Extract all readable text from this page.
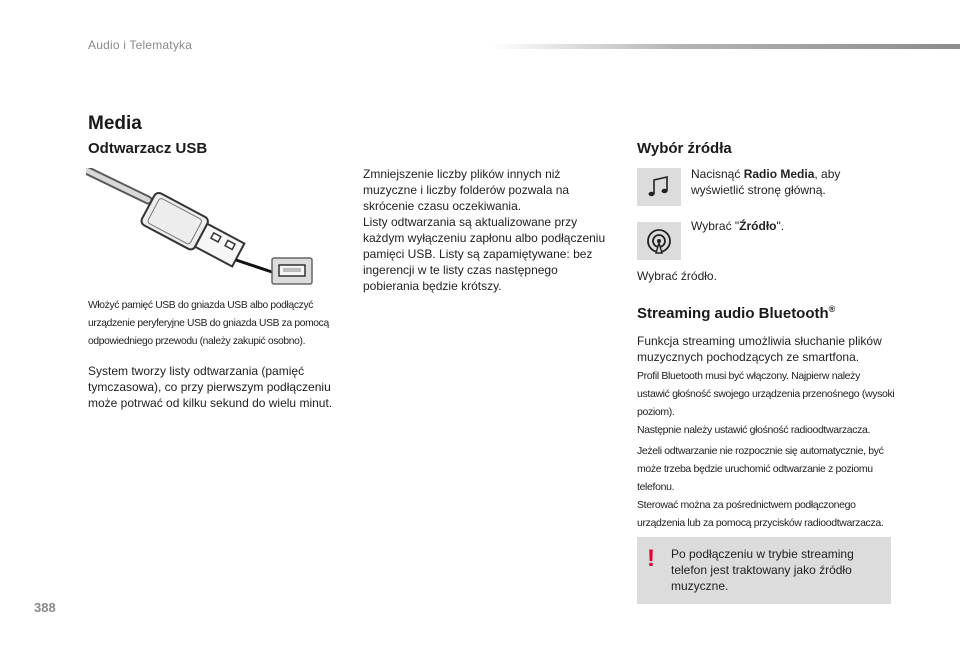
Audio i Telematyka
388
Media
Odtwarzacz USB
Włożyć pamięć USB do gniazda USB albo podłączyć urządzenie peryferyjne USB do gniazda USB za pomocą odpowiedniego przewodu (należy zakupić osobno).
System tworzy listy odtwarzania (pamięć tymczasowa), co przy pierwszym podłączeniu może potrwać od kilku sekund do wielu minut.
Zmniejszenie liczby plików innych niż muzyczne i liczby folderów pozwala na skrócenie czasu oczekiwania.
Listy odtwarzania są aktualizowane przy każdym wyłączeniu zapłonu albo podłączeniu pamięci USB. Listy są zapamiętywane: bez ingerencji w te listy czas następnego pobierania będzie krótszy.
Wybór źródła
Nacisnąć Radio Media, aby wyświetlić stronę główną.
Wybrać "Źródło".
Wybrać źródło.
Streaming audio Bluetooth®
Funkcja streaming umożliwia słuchanie plików muzycznych pochodzących ze smartfona.
Profil Bluetooth musi być włączony. Najpierw należy ustawić głośność swojego urządzenia przenośnego (wysoki poziom).
Następnie należy ustawić głośność radioodtwarzacza.
Jeżeli odtwarzanie nie rozpocznie się automatycznie, być może trzeba będzie uruchomić odtwarzanie z poziomu telefonu.
Sterować można za pośrednictwem podłączonego urządzenia lub za pomocą przycisków radioodtwarzacza.
! Po podłączeniu w trybie streaming telefon jest traktowany jako źródło muzyczne.
